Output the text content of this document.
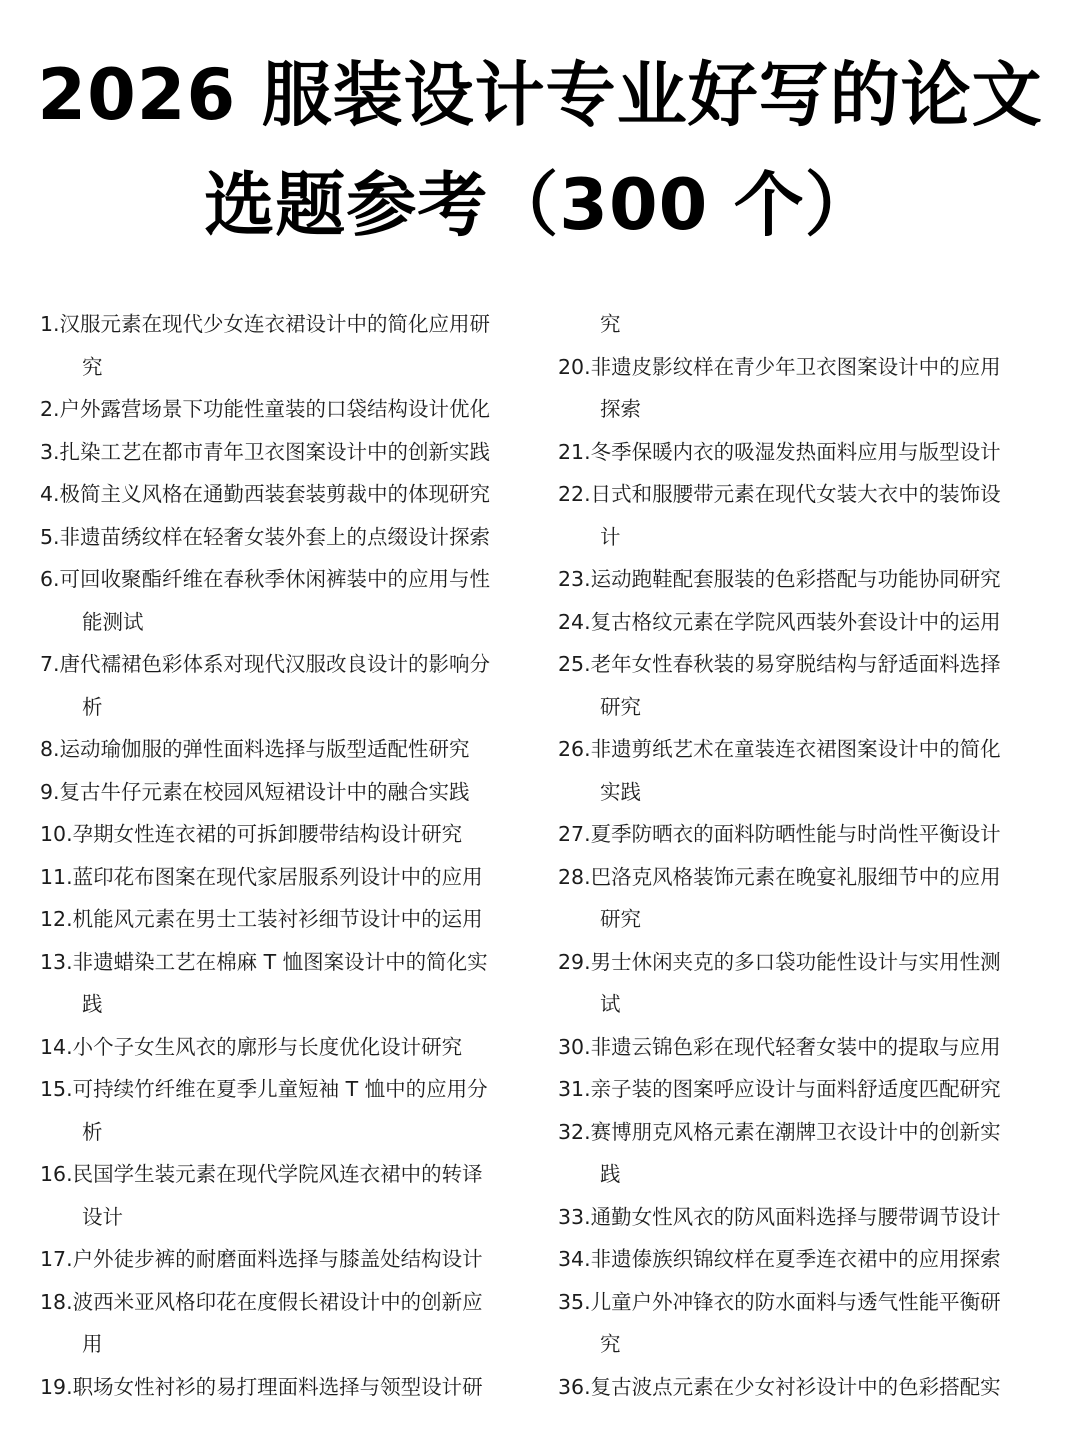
2026 服装设计专业好写的论文
选题参考（300 个）
1.汉服元素在现代少女连衣裙设计中的简化应用研
究
2.户外露营场景下功能性童装的口袋结构设计优化
3.扎染工艺在都市青年卫衣图案设计中的创新实践
4.极简主义风格在通勤西装套装剪裁中的体现研究
5.非遗苗绣纹样在轻奢女装外套上的点缀设计探索
6.可回收聚酯纤维在春秋季休闲裤装中的应用与性
能测试
7.唐代襦裙色彩体系对现代汉服改良设计的影响分
析
8.运动瑜伽服的弹性面料选择与版型适配性研究
9.复古牛仔元素在校园风短裙设计中的融合实践
10.孕期女性连衣裙的可拆卸腰带结构设计研究
11.蓝印花布图案在现代家居服系列设计中的应用
12.机能风元素在男士工装衬衫细节设计中的运用
13.非遗蜡染工艺在棉麻 T 恤图案设计中的简化实
践
14.小个子女生风衣的廓形与长度优化设计研究
15.可持续竹纤维在夏季儿童短袖 T 恤中的应用分
析
16.民国学生装元素在现代学院风连衣裙中的转译
设计
17.户外徒步裤的耐磨面料选择与膝盖处结构设计
18.波西米亚风格印花在度假长裙设计中的创新应
用
19.职场女性衬衫的易打理面料选择与领型设计研
究
20.非遗皮影纹样在青少年卫衣图案设计中的应用
探索
21.冬季保暖内衣的吸湿发热面料应用与版型设计
22.日式和服腰带元素在现代女装大衣中的装饰设
计
23.运动跑鞋配套服装的色彩搭配与功能协同研究
24.复古格纹元素在学院风西装外套设计中的运用
25.老年女性春秋装的易穿脱结构与舒适面料选择
研究
26.非遗剪纸艺术在童装连衣裙图案设计中的简化
实践
27.夏季防晒衣的面料防晒性能与时尚性平衡设计
28.巴洛克风格装饰元素在晚宴礼服细节中的应用
研究
29.男士休闲夹克的多口袋功能性设计与实用性测
试
30.非遗云锦色彩在现代轻奢女装中的提取与应用
31.亲子装的图案呼应设计与面料舒适度匹配研究
32.赛博朋克风格元素在潮牌卫衣设计中的创新实
践
33.通勤女性风衣的防风面料选择与腰带调节设计
34.非遗傣族织锦纹样在夏季连衣裙中的应用探索
35.儿童户外冲锋衣的防水面料与透气性能平衡研
究
36.复古波点元素在少女衬衫设计中的色彩搭配实
